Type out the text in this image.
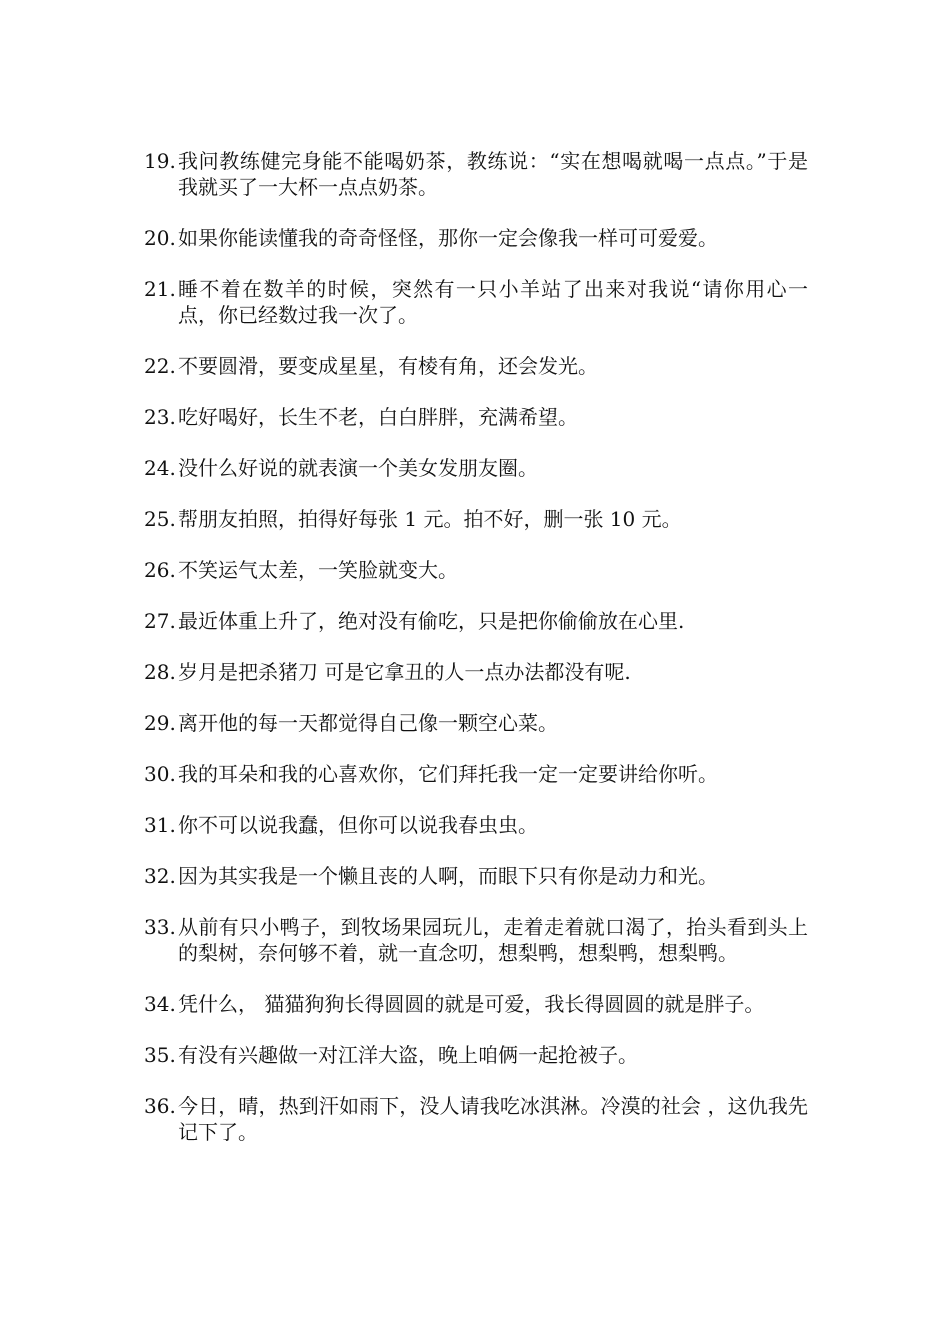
19. 我问教练健完身能不能喝奶茶，教练说：“实在想喝就喝一点点。”于是我就买了一大杯一点点奶茶。
20. 如果你能读懂我的奇奇怪怪，那你一定会像我一样可可爱爱。
21. 睡不着在数羊的时候，突然有一只小羊站了出来对我说“请你用心一点，你已经数过我一次了。
22. 不要圆滑，要变成星星，有棱有角，还会发光。
23. 吃好喝好，长生不老，白白胖胖，充满希望。
24. 没什么好说的就表演一个美女发朋友圈。
25. 帮朋友拍照，拍得好每张 1 元。拍不好，删一张 10 元。
26. 不笑运气太差，一笑脸就变大。
27. 最近体重上升了，绝对没有偷吃，只是把你偷偷放在心里.
28. 岁月是把杀猪刀 可是它拿丑的人一点办法都没有呢.
29. 离开他的每一天都觉得自己像一颗空心菜。
30. 我的耳朵和我的心喜欢你，它们拜托我一定一定要讲给你听。
31. 你不可以说我蠢，但你可以说我春虫虫。
32. 因为其实我是一个懒且丧的人啊，而眼下只有你是动力和光。
33. 从前有只小鸭子，到牧场果园玩儿，走着走着就口渴了，抬头看到头上的梨树，奈何够不着，就一直念叨，想梨鸭，想梨鸭，想梨鸭。
34. 凭什么， 猫猫狗狗长得圆圆的就是可爱，我长得圆圆的就是胖子。
35. 有没有兴趣做一对江洋大盗，晚上咱俩一起抢被子。
36. 今日，晴，热到汗如雨下，没人请我吃冰淇淋。冷漠的社会 ，这仇我先记下了。
